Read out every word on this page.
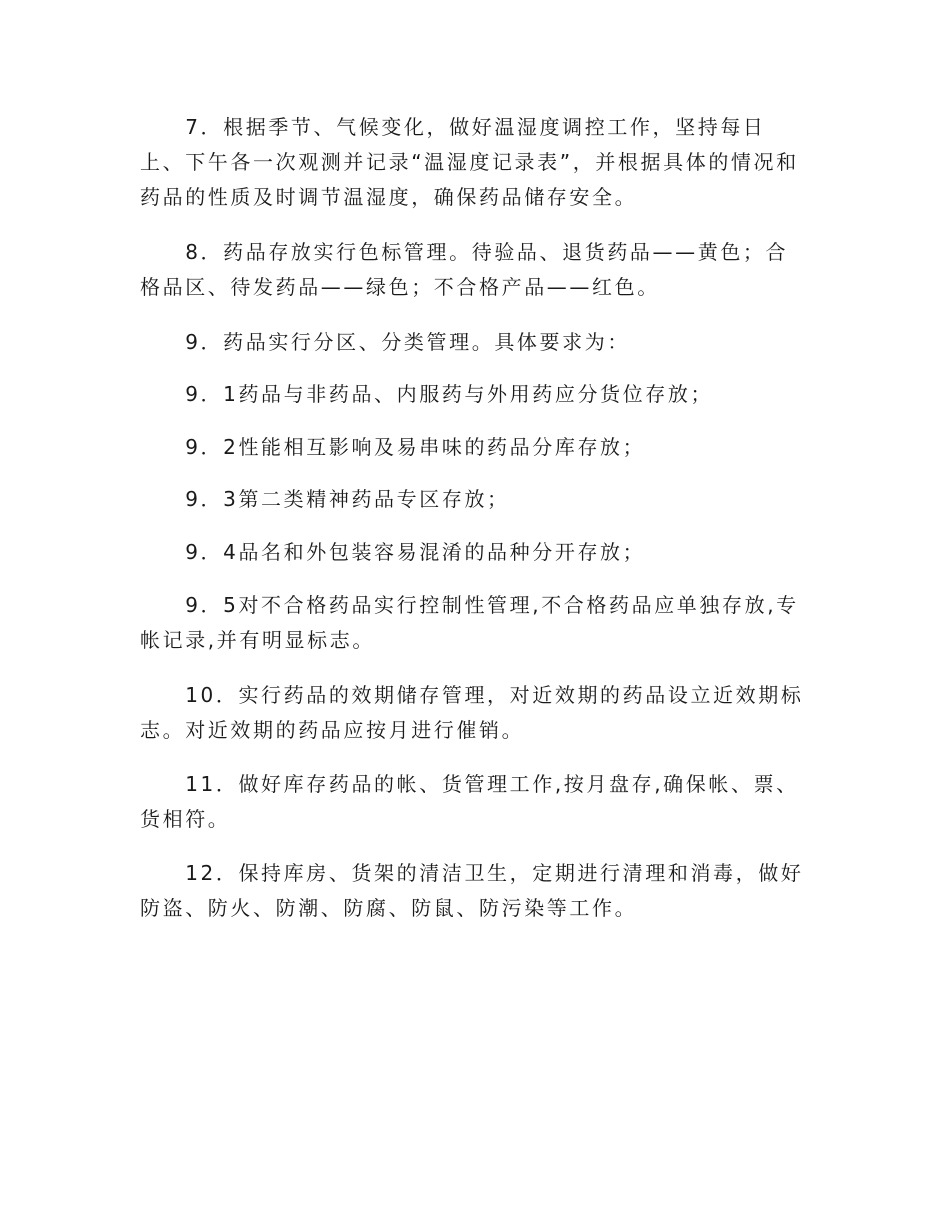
　　7．根据季节、气候变化，做好温湿度调控工作，坚持每日上、下午各一次观测并记录“温湿度记录表”，并根据具体的情况和药品的性质及时调节温湿度，确保药品储存安全。

　　8．药品存放实行色标管理。待验品、退货药品——黄色；合格品区、待发药品——绿色；不合格产品——红色。

　　9．药品实行分区、分类管理。具体要求为：

　　9．1药品与非药品、内服药与外用药应分货位存放；

　　9．2性能相互影响及易串味的药品分库存放；

　　9．3第二类精神药品专区存放；

　　9．4品名和外包装容易混淆的品种分开存放；

　　9．5对不合格药品实行控制性管理,不合格药品应单独存放,专帐记录,并有明显标志。

　　10．实行药品的效期储存管理，对近效期的药品设立近效期标志。对近效期的药品应按月进行催销。

　　11．做好库存药品的帐、货管理工作,按月盘存,确保帐、票、货相符。

　　12．保持库房、货架的清洁卫生，定期进行清理和消毒，做好防盗、防火、防潮、防腐、防鼠、防污染等工作。
